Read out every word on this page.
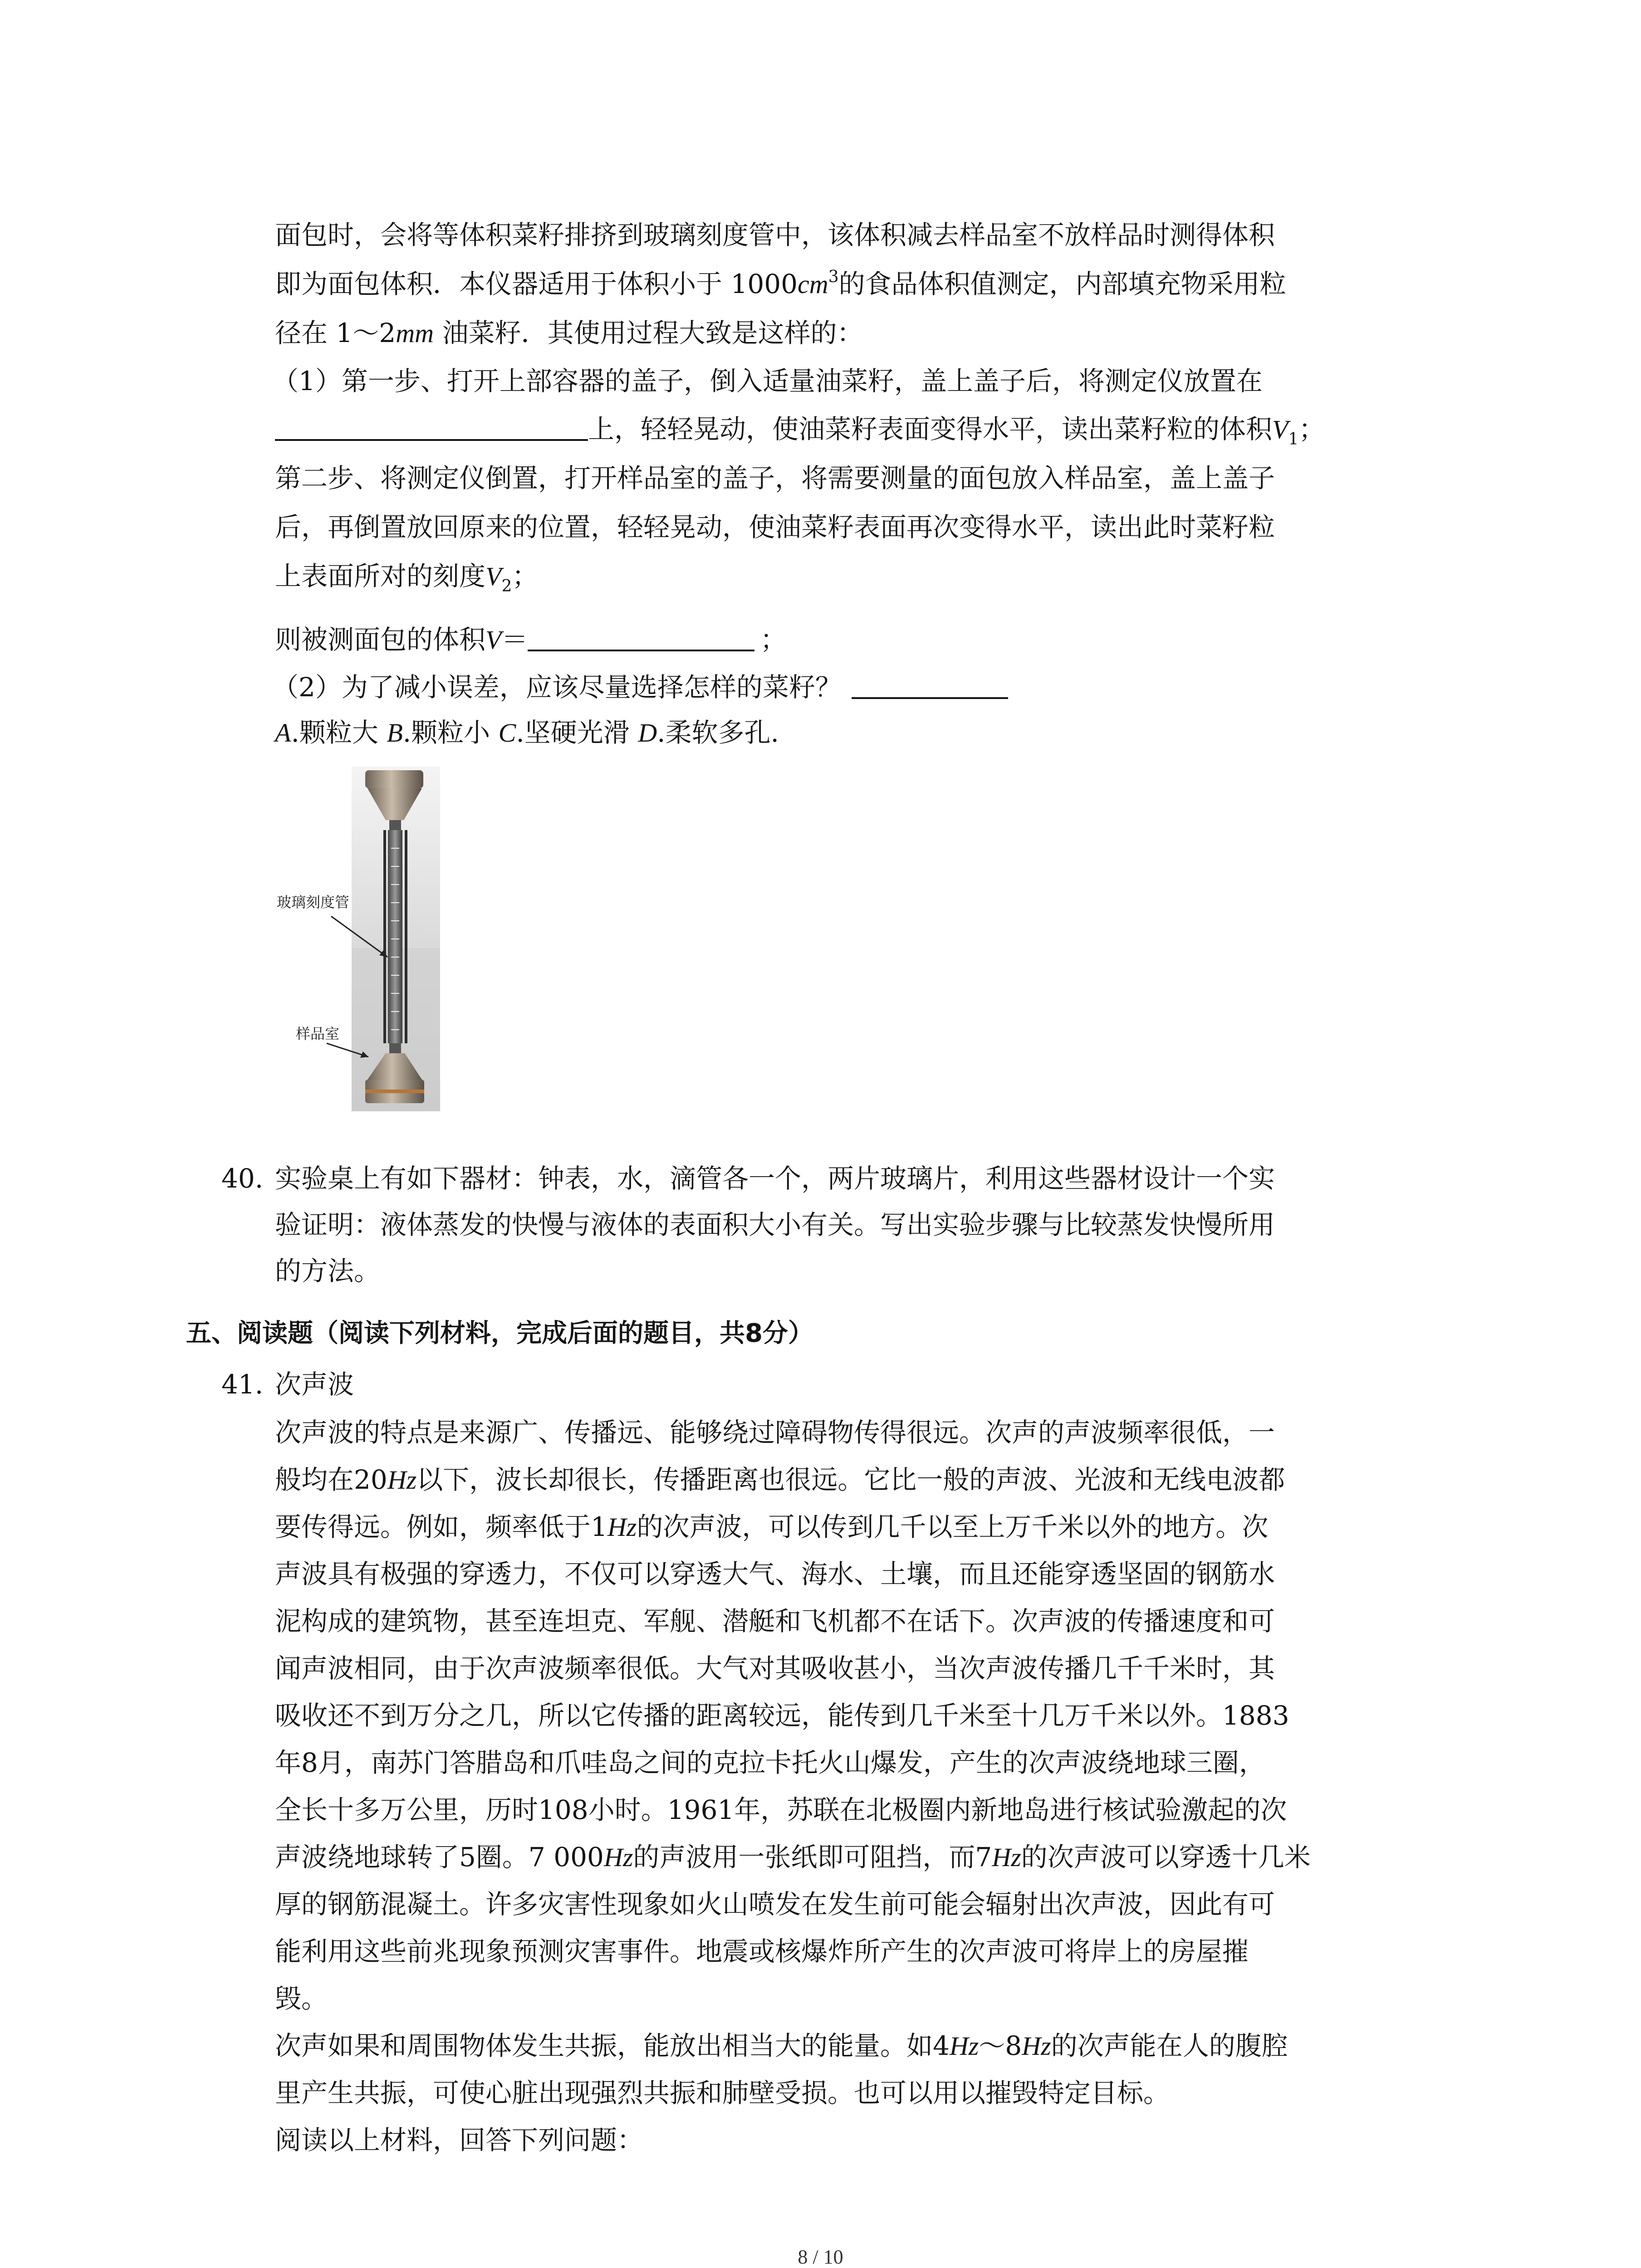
面包时，会将等体积菜籽排挤到玻璃刻度管中，该体积减去样品室不放样品时测得体积
即为面包体积．本仪器适用于体积小于 $1000cm^3$的食品体积值测定，内部填充物采用粒
径在 1～2mm 油菜籽．其使用过程大致是这样的：
（1）第一步、打开上部容器的盖子，倒入适量油菜籽，盖上盖子后，将测定仪放置在
上，轻轻晃动，使油菜籽表面变得水平，读出菜籽粒的体积$V_1$；
第二步、将测定仪倒置，打开样品室的盖子，将需要测量的面包放入样品室，盖上盖子
后，再倒置放回原来的位置，轻轻晃动，使油菜籽表面再次变得水平，读出此时菜籽粒
上表面所对的刻度$V_2$；
则被测面包的体积V＝	；
（2）为了减小误差，应该尽量选择怎样的菜籽？
A.颗粒大 B.颗粒小 C.坚硬光滑 D.柔软多孔.
玻璃刻度管
样品室
40. 实验桌上有如下器材：钟表，水，滴管各一个，两片玻璃片，利用这些器材设计一个实
验证明：液体蒸发的快慢与液体的表面积大小有关。写出实验步骤与比较蒸发快慢所用
的方法。
五、阅读题（阅读下列材料，完成后面的题目，共8分）
41. 次声波
次声波的特点是来源广、传播远、能够绕过障碍物传得很远。次声的声波频率很低，一
般均在20Hz以下，波长却很长，传播距离也很远。它比一般的声波、光波和无线电波都
要传得远。例如，频率低于1Hz的次声波，可以传到几千以至上万千米以外的地方。次
声波具有极强的穿透力，不仅可以穿透大气、海水、土壤，而且还能穿透坚固的钢筋水
泥构成的建筑物，甚至连坦克、军舰、潜艇和飞机都不在话下。次声波的传播速度和可
闻声波相同，由于次声波频率很低。大气对其吸收甚小，当次声波传播几千千米时，其
吸收还不到万分之几，所以它传播的距离较远，能传到几千米至十几万千米以外。1883
年8月，南苏门答腊岛和爪哇岛之间的克拉卡托火山爆发，产生的次声波绕地球三圈，
全长十多万公里，历时108小时。1961年，苏联在北极圈内新地岛进行核试验激起的次
声波绕地球转了5圈。7 000Hz的声波用一张纸即可阻挡，而7Hz的次声波可以穿透十几米
厚的钢筋混凝土。许多灾害性现象如火山喷发在发生前可能会辐射出次声波，因此有可
能利用这些前兆现象预测灾害事件。地震或核爆炸所产生的次声波可将岸上的房屋摧
毁。
次声如果和周围物体发生共振，能放出相当大的能量。如4Hz～8Hz的次声能在人的腹腔
里产生共振，可使心脏出现强烈共振和肺壁受损。也可以用以摧毁特定目标。
阅读以上材料，回答下列问题：
8 / 10
